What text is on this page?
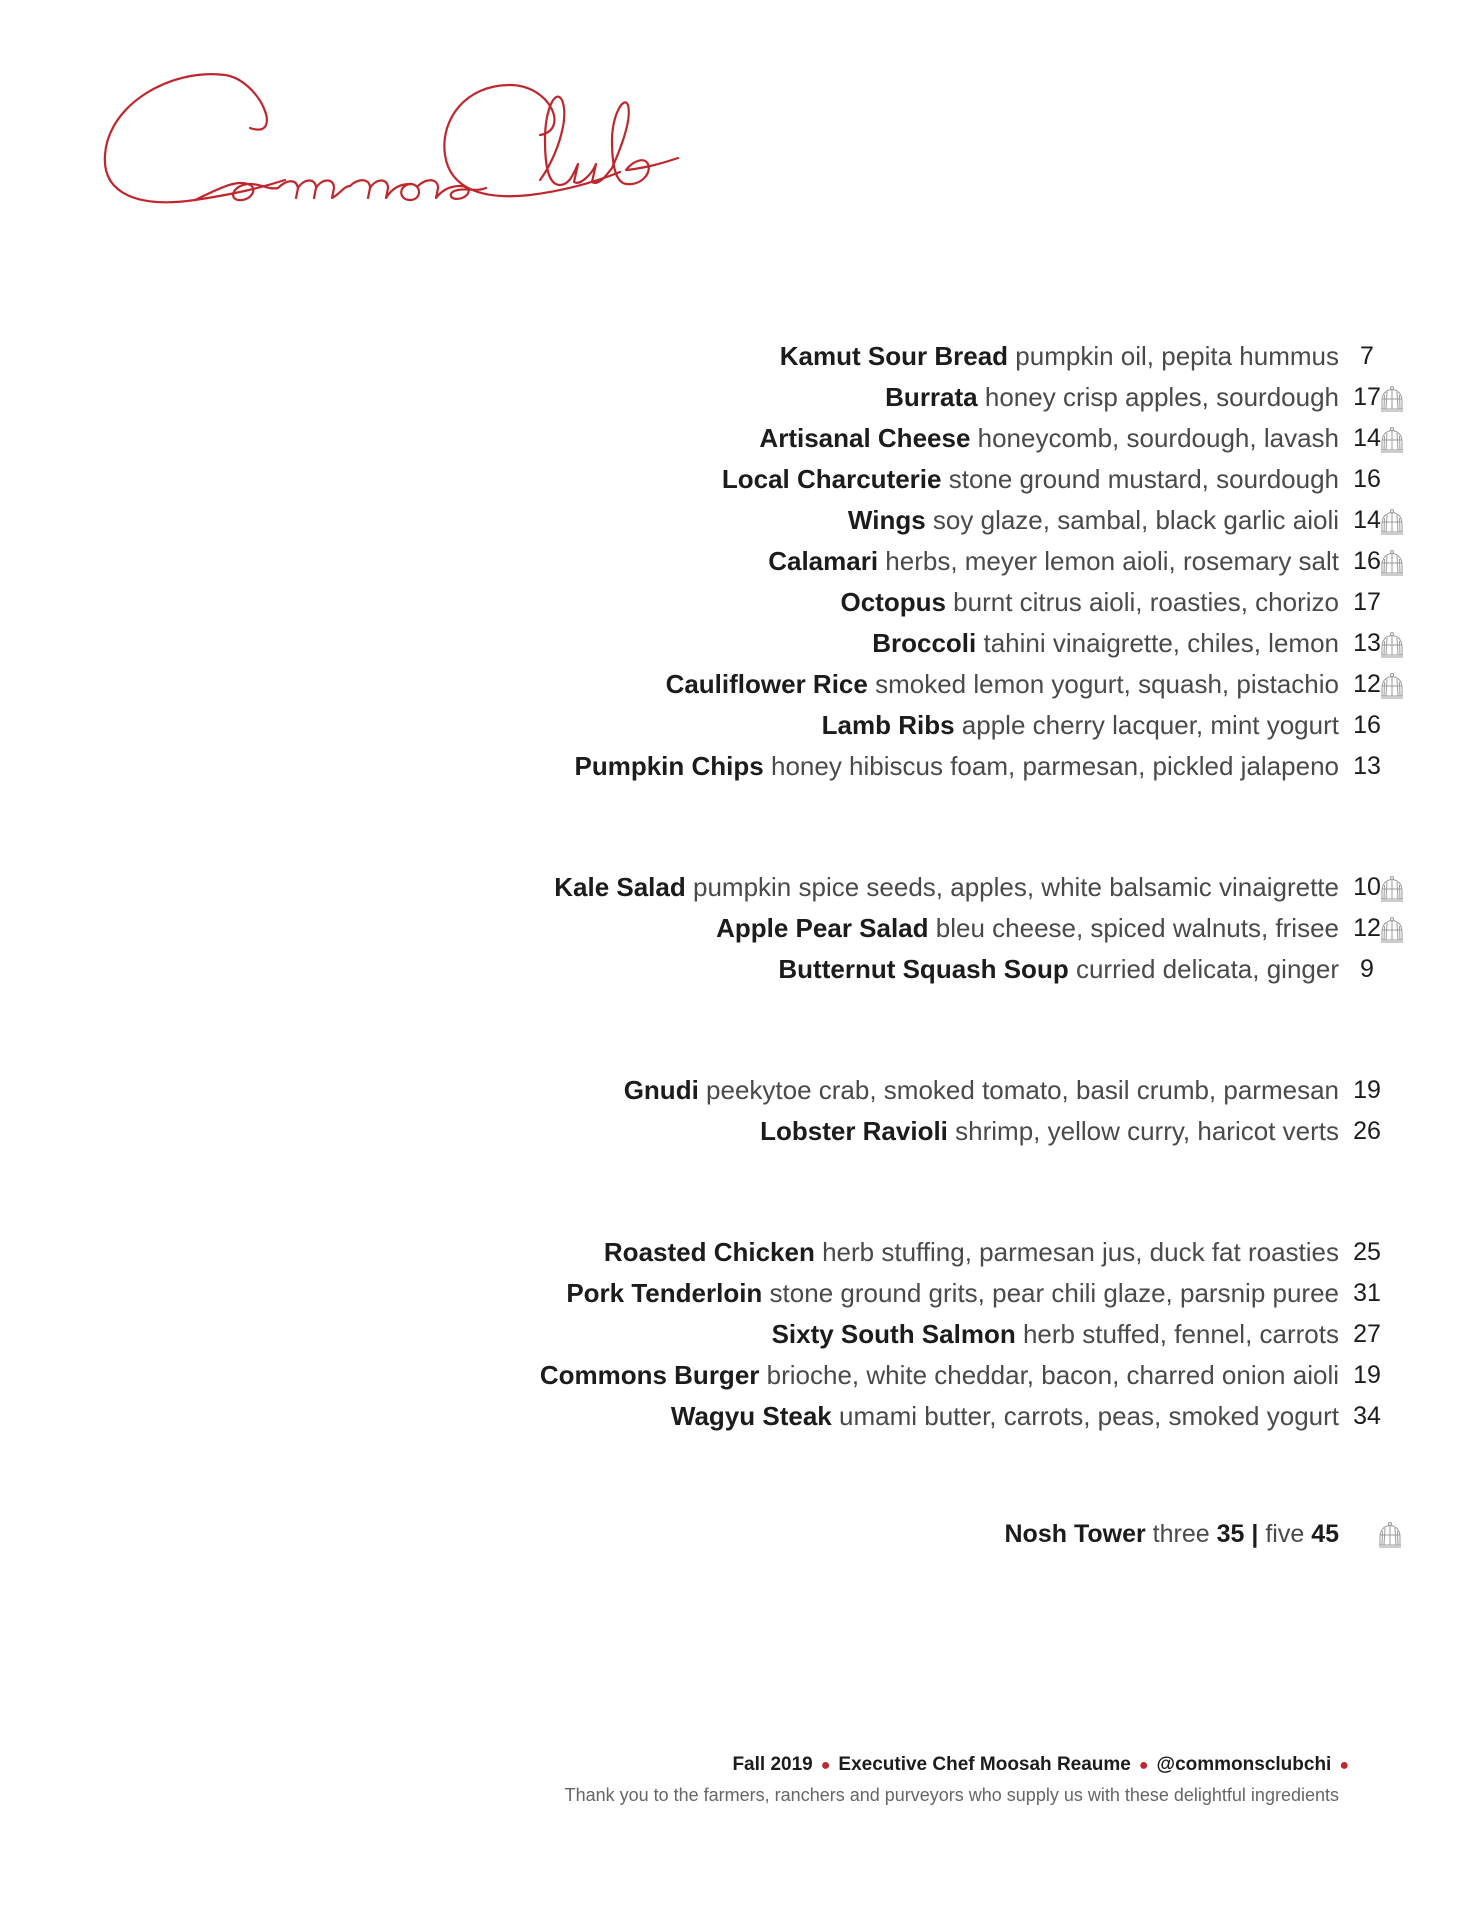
Kamut Sour Bread pumpkin oil, pepita hummus 7
Burrata honey crisp apples, sourdough 17
Artisanal Cheese honeycomb, sourdough, lavash 14
Local Charcuterie stone ground mustard, sourdough 16
Wings soy glaze, sambal, black garlic aioli 14
Calamari herbs, meyer lemon aioli, rosemary salt 16
Octopus burnt citrus aioli, roasties, chorizo 17
Broccoli tahini vinaigrette, chiles, lemon 13
Cauliflower Rice smoked lemon yogurt, squash, pistachio 12
Lamb Ribs apple cherry lacquer, mint yogurt 16
Pumpkin Chips honey hibiscus foam, parmesan, pickled jalapeno 13
Kale Salad pumpkin spice seeds, apples, white balsamic vinaigrette 10
Apple Pear Salad bleu cheese, spiced walnuts, frisee 12
Butternut Squash Soup curried delicata, ginger 9
Gnudi peekytoe crab, smoked tomato, basil crumb, parmesan 19
Lobster Ravioli shrimp, yellow curry, haricot verts 26
Roasted Chicken herb stuffing, parmesan jus, duck fat roasties 25
Pork Tenderloin stone ground grits, pear chili glaze, parsnip puree 31
Sixty South Salmon herb stuffed, fennel, carrots 27
Commons Burger brioche, white cheddar, bacon, charred onion aioli 19
Wagyu Steak umami butter, carrots, peas, smoked yogurt 34
Nosh Tower three 35 | five 45
Fall 2019 ● Executive Chef Moosah Reaume ● @commonsclubchi ●
Thank you to the farmers, ranchers and purveyors who supply us with these delightful ingredients
